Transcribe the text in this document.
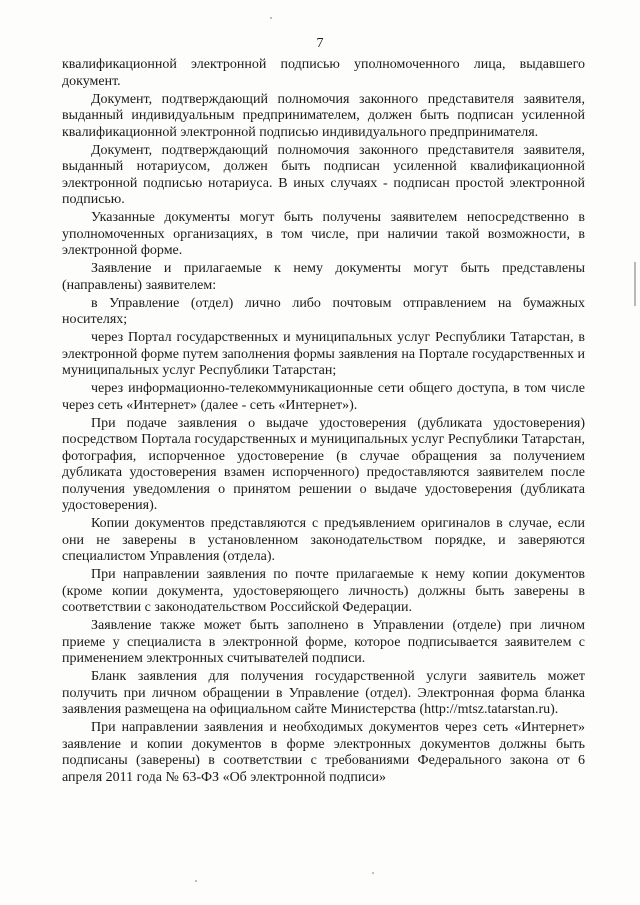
7

квалификационной электронной подписью уполномоченного лица, выдавшего документ.

Документ, подтверждающий полномочия законного представителя заявителя, выданный индивидуальным предпринимателем, должен быть подписан усиленной квалификационной электронной подписью индивидуального предпринимателя.

Документ, подтверждающий полномочия законного представителя заявителя, выданный нотариусом, должен быть подписан усиленной квалификационной электронной подписью нотариуса. В иных случаях - подписан простой электронной подписью.

Указанные документы могут быть получены заявителем непосредственно в уполномоченных организациях, в том числе, при наличии такой возможности, в электронной форме.

Заявление и прилагаемые к нему документы могут быть представлены (направлены) заявителем:

в Управление (отдел) лично либо почтовым отправлением на бумажных носителях;

через Портал государственных и муниципальных услуг Республики Татарстан, в электронной форме путем заполнения формы заявления на Портале государственных и муниципальных услуг Республики Татарстан;

через информационно-телекоммуникационные сети общего доступа, в том числе через сеть «Интернет» (далее - сеть «Интернет»).

При подаче заявления о выдаче удостоверения (дубликата удостоверения) посредством Портала государственных и муниципальных услуг Республики Татарстан, фотография, испорченное удостоверение (в случае обращения за получением дубликата удостоверения взамен испорченного) предоставляются заявителем после получения уведомления о принятом решении о выдаче удостоверения (дубликата удостоверения).

Копии документов представляются с предъявлением оригиналов в случае, если они не заверены в установленном законодательством порядке, и заверяются специалистом Управления (отдела).

При направлении заявления по почте прилагаемые к нему копии документов (кроме копии документа, удостоверяющего личность) должны быть заверены в соответствии с законодательством Российской Федерации.

Заявление также может быть заполнено в Управлении (отделе) при личном приеме у специалиста в электронной форме, которое подписывается заявителем с применением электронных считывателей подписи.

Бланк заявления для получения государственной услуги заявитель может получить при личном обращении в Управление (отдел). Электронная форма бланка заявления размещена на официальном сайте Министерства (http://mtsz.tatarstan.ru).

При направлении заявления и необходимых документов через сеть «Интернет» заявление и копии документов в форме электронных документов должны быть подписаны (заверены) в соответствии с требованиями Федерального закона от 6 апреля 2011 года № 63-ФЗ «Об электронной подписи»
